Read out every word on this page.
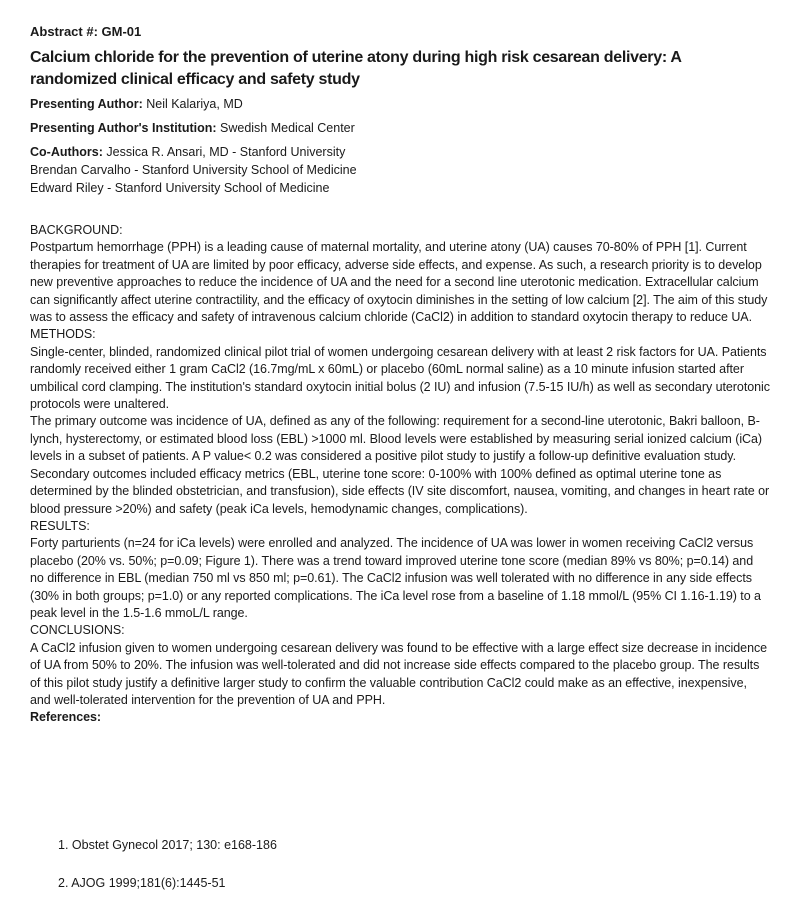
Abstract #: GM-01
Calcium chloride for the prevention of uterine atony during high risk cesarean delivery: A randomized clinical efficacy and safety study
Presenting Author: Neil Kalariya, MD
Presenting Author's Institution: Swedish Medical Center
Co-Authors: Jessica R. Ansari, MD - Stanford University
Brendan Carvalho - Stanford University School of Medicine
Edward Riley - Stanford University School of Medicine

BACKGROUND:

Postpartum hemorrhage (PPH) is a leading cause of maternal mortality, and uterine atony (UA) causes 70-80% of PPH [1]. Current therapies for treatment of UA are limited by poor efficacy, adverse side effects, and expense. As such, a research priority is to develop new preventive approaches to reduce the incidence of UA and the need for a second line uterotonic medication. Extracellular calcium can significantly affect uterine contractility, and the efficacy of oxytocin diminishes in the setting of low calcium [2]. The aim of this study was to assess the efficacy and safety of intravenous calcium chloride (CaCl2) in addition to standard oxytocin therapy to reduce UA.

METHODS:

Single-center, blinded, randomized clinical pilot trial of women undergoing cesarean delivery with at least 2 risk factors for UA. Patients randomly received either 1 gram CaCl2 (16.7mg/mL x 60mL) or placebo (60mL normal saline) as a 10 minute infusion started after umbilical cord clamping. The institution's standard oxytocin initial bolus (2 IU) and infusion (7.5-15 IU/h) as well as secondary uterotonic protocols were unaltered.

The primary outcome was incidence of UA, defined as any of the following: requirement for a second-line uterotonic, Bakri balloon, B-lynch, hysterectomy, or estimated blood loss (EBL) >1000 ml. Blood levels were established by measuring serial ionized calcium (iCa) levels in a subset of patients. A P value< 0.2 was considered a positive pilot study to justify a follow-up definitive evaluation study. Secondary outcomes included efficacy metrics (EBL, uterine tone score: 0-100% with 100% defined as optimal uterine tone as determined by the blinded obstetrician, and transfusion), side effects (IV site discomfort, nausea, vomiting, and changes in heart rate or blood pressure >20%) and safety (peak iCa levels, hemodynamic changes, complications).

RESULTS:

Forty parturients (n=24 for iCa levels) were enrolled and analyzed. The incidence of UA was lower in women receiving CaCl2 versus placebo (20% vs. 50%; p=0.09; Figure 1). There was a trend toward improved uterine tone score (median 89% vs 80%; p=0.14) and no difference in EBL (median 750 ml vs 850 ml; p=0.61). The CaCl2 infusion was well tolerated with no difference in any side effects (30% in both groups; p=1.0) or any reported complications. The iCa level rose from a baseline of 1.18 mmol/L (95% CI 1.16-1.19) to a peak level in the 1.5-1.6 mmoL/L range.

CONCLUSIONS:

A CaCl2 infusion given to women undergoing cesarean delivery was found to be effective with a large effect size decrease in incidence of UA from 50% to 20%. The infusion was well-tolerated and did not increase side effects compared to the placebo group. The results of this pilot study justify a definitive larger study to confirm the valuable contribution CaCl2 could make as an effective, inexpensive, and well-tolerated intervention for the prevention of UA and PPH.

References:

1. Obstet Gynecol 2017; 130: e168-186
2. AJOG 1999;181(6):1445-51
